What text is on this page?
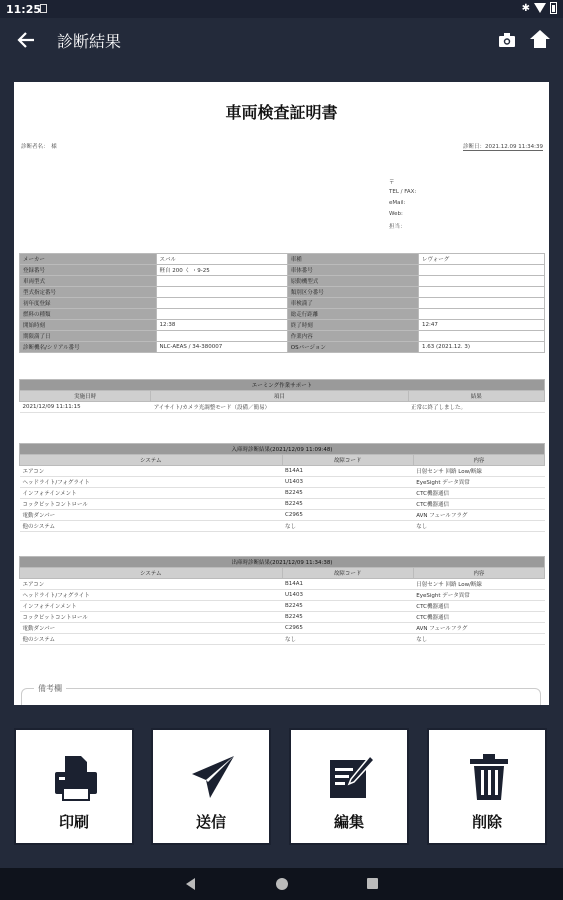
11:25	✱
診断結果
車両検査証明書
診断者名：　様	診断日：2021.12.09 11:34:39
〒
TEL / FAX:
eMail:
Web:
担当：
メーカー	スバル	車種	レヴォーグ
登録番号	軽自 200 く ・9-25	車体番号	
車両型式		原動機型式	
型式指定番号		類別区分番号	
初年度登録		車検満了	
燃料の種類		総走行距離	
開始時刻	12:38	終了時刻	12:47
期限満了日		作業内容	
診断機名/シリアル番号	NLC-AEAS / 34-380007	OSバージョン	1.63 (2021.12. 3)
エーミング作業サポート		
実施日時	項目	結果
2021/12/09 11:11:15	アイサイト/カメラ光調整モード（設備／簡易）	正常に終了しました。
入庫時診断結果(2021/12/09 11:09:48)		
システム	故障コード	内容
エアコン	B14A1	日射センサ 回路 Low/断線
ヘッドライト/フォグライト	U1403	EyeSight データ異常
インフォテインメント	B2245	CTC機器通信
コックピットコントロール	B2245	CTC機器通信
電動ダンパー	C2965	AVN フェールフラグ
他のシステム	なし	なし
出庫時診断結果(2021/12/09 11:34:38)		
システム	故障コード	内容
エアコン	B14A1	日射センサ 回路 Low/断線
ヘッドライト/フォグライト	U1403	EyeSight データ異常
インフォテインメント	B2245	CTC機器通信
コックピットコントロール	B2245	CTC機器通信
電動ダンパー	C2965	AVN フェールフラグ
他のシステム	なし	なし
備考欄
印刷	送信	編集	削除
